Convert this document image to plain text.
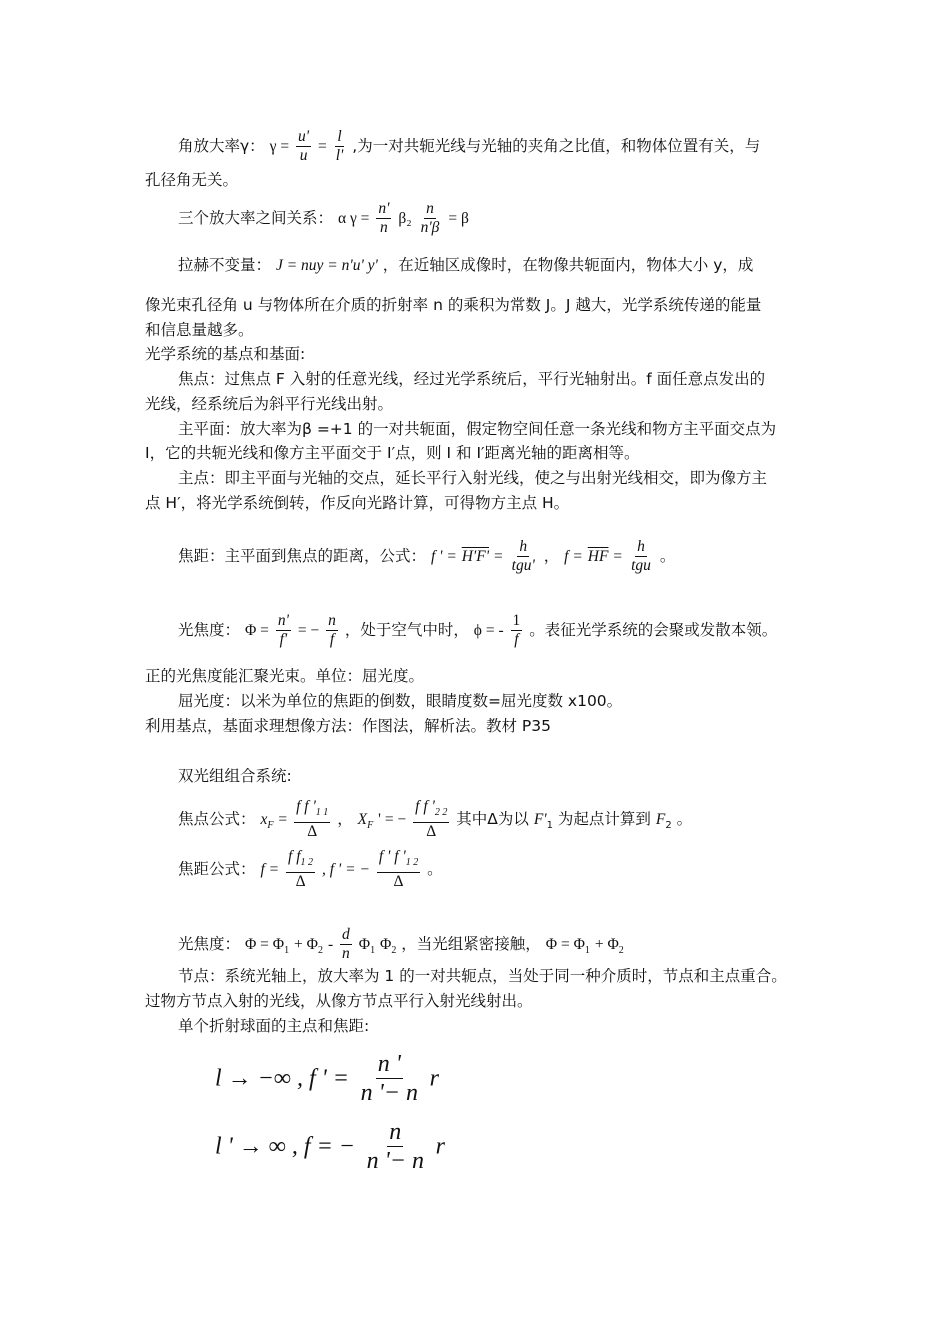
角放大率γ： $\gamma = \frac{u'}{u} = \frac{l}{l'}$ ,为一对共轭光线与光轴的夹角之比值，和物体位置有关，与
孔径角无关。
三个放大率之间关系： α $\gamma = \frac{n'}{n} \beta_2 \frac{n}{n'\beta} = \beta$
拉赫不变量： J = nuy = n'u' y' ，在近轴区成像时，在物像共轭面内，物体大小 y，成
像光束孔径角 u 与物体所在介质的折射率 n 的乘积为常数 J。J 越大，光学系统传递的能量
和信息量越多。
光学系统的基点和基面:
焦点：过焦点 F 入射的任意光线，经过光学系统后，平行光轴射出。f 面任意点发出的
光线，经系统后为斜平行光线出射。
主平面：放大率为β =+1 的一对共轭面，假定物空间任意一条光线和物方主平面交点为
I，它的共轭光线和像方主平面交于 I′点，则 I 和 I′距离光轴的距离相等。
主点：即主平面与光轴的交点，延长平行入射光线，使之与出射光线相交，即为像方主
点 H′，将光学系统倒转，作反向光路计算，可得物方主点 H。
焦距：主平面到焦点的距离，公式： f ' = $H'F' = \frac{h}{\text{tgu'}}$ ， $f = \overline{HF} = \frac{h}{\text{tgu}}$ 。
光焦度： $\Phi = \frac{n'}{f'}$ = − $\frac{n}{f}$ ，处于空气中时， ϕ = - $\frac{1}{f}$ 。表征光学系统的会聚或发散本领。
正的光焦度能汇聚光束。单位：屈光度。
屈光度：以米为单位的焦距的倒数，眼睛度数=屈光度数 x100。
利用基点，基面求理想像方法：作图法，解析法。教材 P35
双光组组合系统:
焦点公式： $x_F = \frac{f f '_{1 1}}{\Delta}$ ， $X_F$ ' = − $\frac{f f '_{2 2}}{\Delta}$ 其中Δ为以 $F'_1$ 为起点计算到 $F_2$ 。
焦距公式： $f = \frac{f f_{1 2}}{\Delta}$ , f ' = − $\frac{f ' f '_{1 2}}{\Delta}$ 。
光焦度： $\Phi = \Phi_1 + \Phi_2 - \frac{d}{n} \Phi_1$ $\Phi_2$ ，当光组紧密接触， $\Phi = \Phi_1 + \Phi_2$
节点：系统光轴上，放大率为 1 的一对共轭点，当处于同一种介质时，节点和主点重合。
过物方节点入射的光线，从像方节点平行入射光线射出。
单个折射球面的主点和焦距:
l → −∞ , f ' = $\frac{n '}{n '- n}$ r
l ' → ∞ , f = − $\frac{n}{n '- n}$ r
